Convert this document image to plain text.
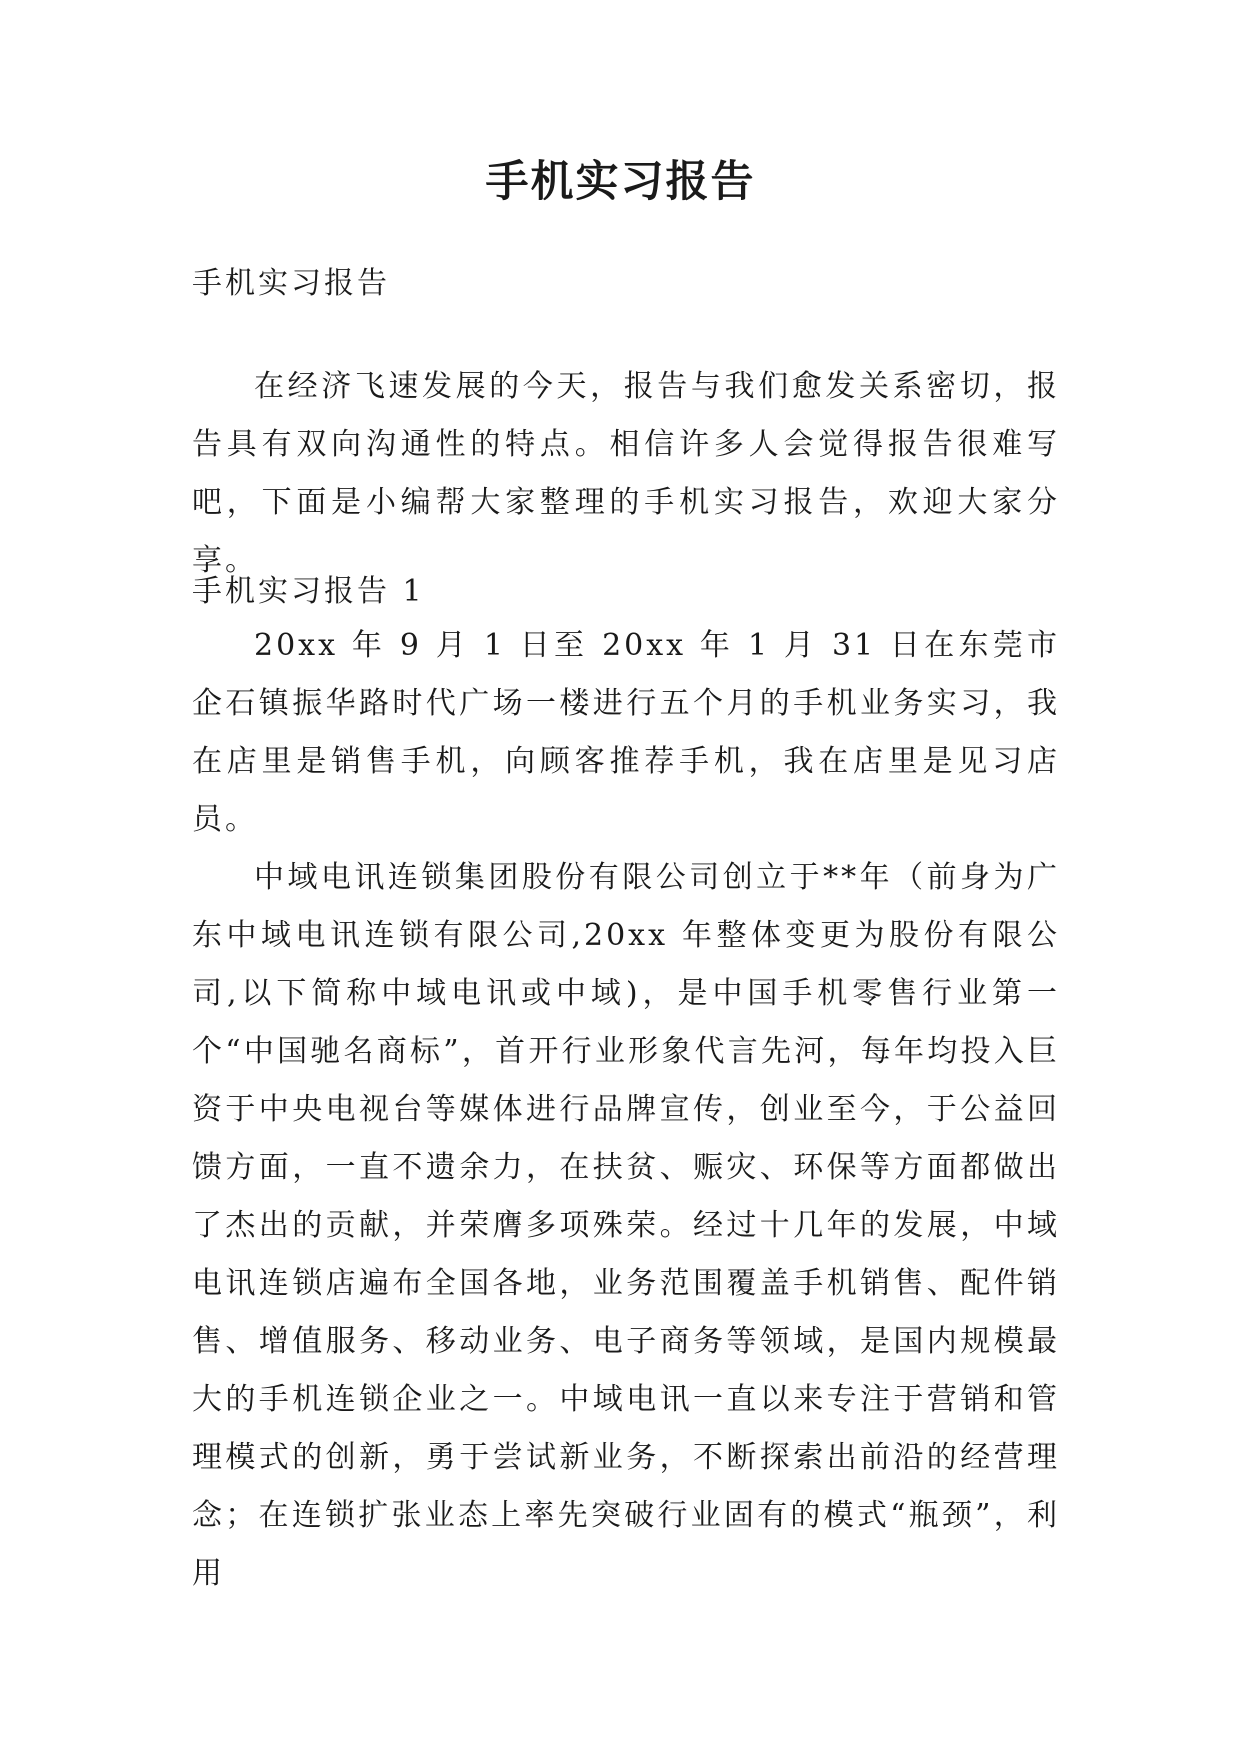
手机实习报告

手机实习报告

在经济飞速发展的今天，报告与我们愈发关系密切，报告具有双向沟通性的特点。相信许多人会觉得报告很难写吧，下面是小编帮大家整理的手机实习报告，欢迎大家分享。

手机实习报告 1

20xx 年 9 月 1 日至 20xx 年 1 月 31 日在东莞市企石镇振华路时代广场一楼进行五个月的手机业务实习，我在店里是销售手机，向顾客推荐手机，我在店里是见习店员。

中域电讯连锁集团股份有限公司创立于**年（前身为广东中域电讯连锁有限公司,20xx 年整体变更为股份有限公司,以下简称中域电讯或中域)，是中国手机零售行业第一个“中国驰名商标”，首开行业形象代言先河，每年均投入巨资于中央电视台等媒体进行品牌宣传，创业至今，于公益回馈方面，一直不遗余力，在扶贫、赈灾、环保等方面都做出了杰出的贡献，并荣膺多项殊荣。经过十几年的发展，中域电讯连锁店遍布全国各地，业务范围覆盖手机销售、配件销售、增值服务、移动业务、电子商务等领域，是国内规模最大的手机连锁企业之一。中域电讯一直以来专注于营销和管理模式的创新，勇于尝试新业务，不断探索出前沿的经营理念；在连锁扩张业态上率先突破行业固有的模式“瓶颈”，利用
